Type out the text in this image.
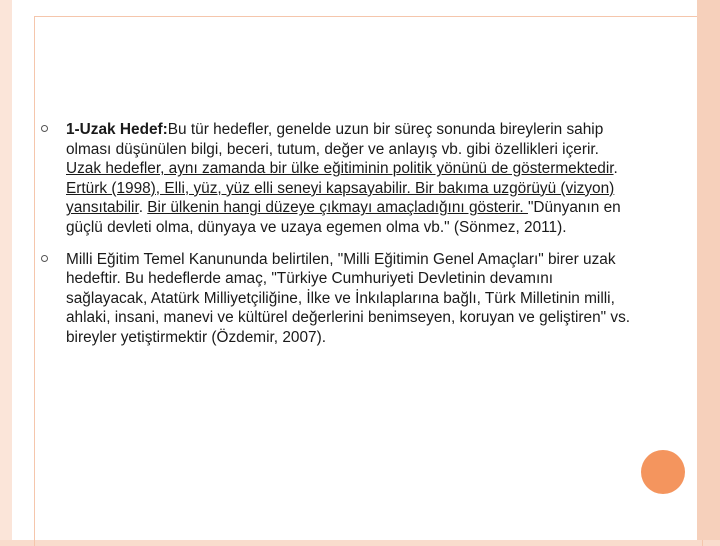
1-Uzak Hedef:Bu tür hedefler, genelde uzun bir süreç sonunda bireylerin sahip olması düşünülen bilgi, beceri, tutum, değer ve anlayış vb. gibi özellikleri içerir. Uzak hedefler, aynı zamanda bir ülke eğitiminin politik yönünü de göstermektedir. Ertürk (1998), Elli, yüz, yüz elli seneyi kapsayabilir. Bir bakıma uzgörüyü (vizyon) yansıtabilir. Bir ülkenin hangi düzeye çıkmayı amaçladığını gösterir. "Dünyanın en güçlü devleti olma, dünyaya ve uzaya egemen olma vb." (Sönmez, 2011).
Milli Eğitim Temel Kanununda belirtilen, "Milli Eğitimin Genel Amaçları" birer uzak hedeftir. Bu hedeflerde amaç, "Türkiye Cumhuriyeti Devletinin devamını sağlayacak, Atatürk Milliyetçiliğine, İlke ve İnkılaplarına bağlı, Türk Milletinin milli, ahlaki, insani, manevi ve kültürel değerlerini benimseyen, koruyan ve geliştiren" vs. bireyler yetiştirmektir (Özdemir, 2007).
